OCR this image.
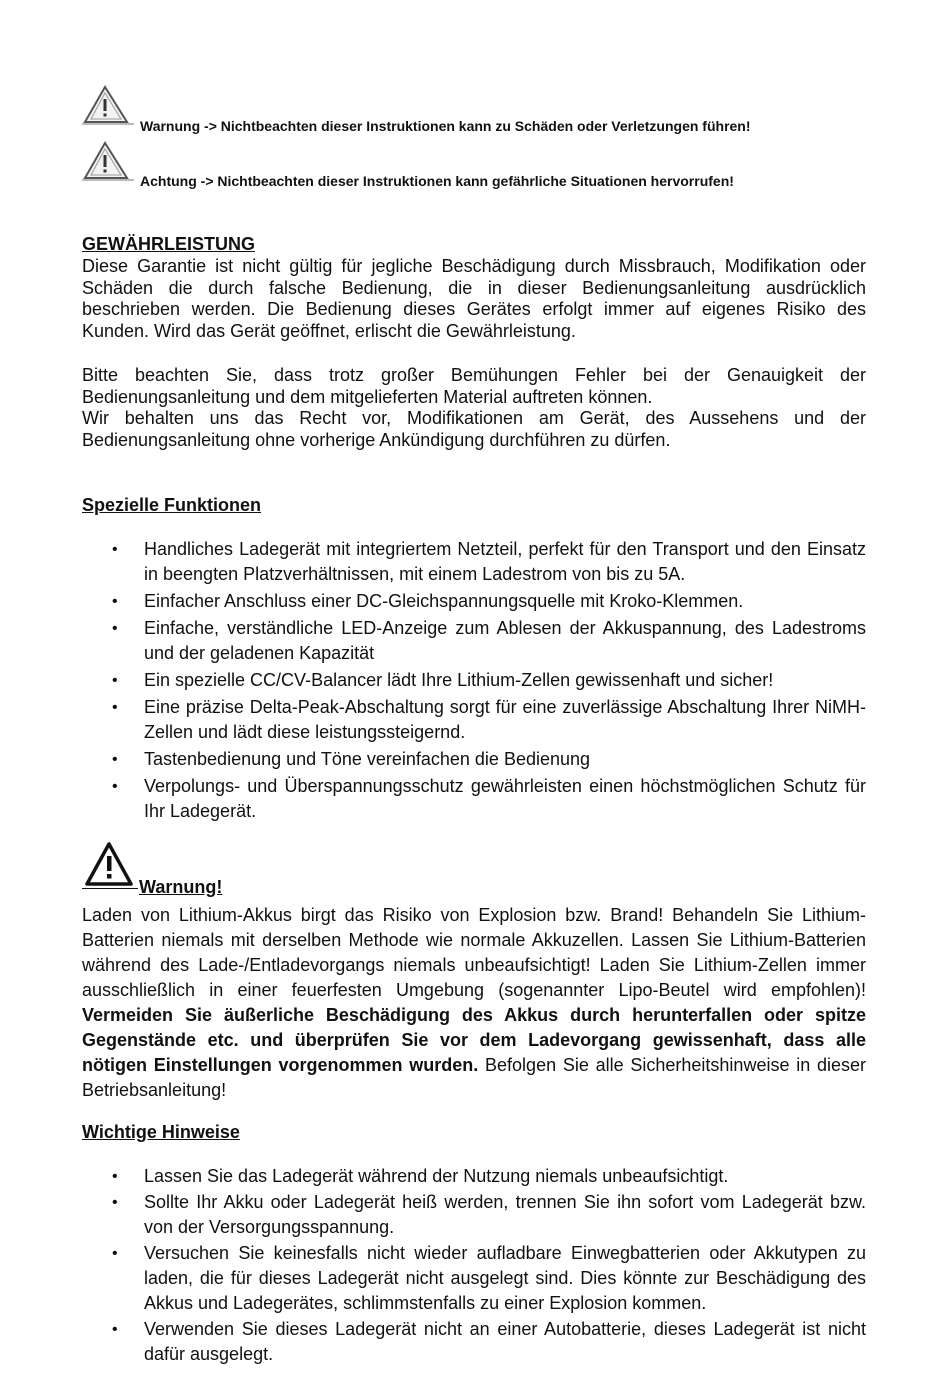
Warnung -> Nichtbeachten dieser Instruktionen kann zu Schäden oder Verletzungen führen!
Achtung -> Nichtbeachten dieser Instruktionen kann gefährliche Situationen hervorrufen!
GEWÄHRLEISTUNG

Diese Garantie ist nicht gültig für jegliche Beschädigung durch Missbrauch, Modifikation oder Schäden die durch falsche Bedienung, die in dieser Bedienungsanleitung ausdrücklich beschrieben werden. Die Bedienung dieses Gerätes erfolgt immer auf eigenes Risiko des Kunden. Wird das Gerät geöffnet, erlischt die Gewährleistung.

Bitte beachten Sie, dass trotz großer Bemühungen Fehler bei der Genauigkeit der Bedienungsanleitung und dem mitgelieferten Material auftreten können.

Wir behalten uns das Recht vor, Modifikationen am Gerät, des Aussehens und der Bedienungsanleitung ohne vorherige Ankündigung durchführen zu dürfen.

Spezielle Funktionen
• Handliches Ladegerät mit integriertem Netzteil, perfekt für den Transport und den Einsatz in beengten Platzverhältnissen, mit einem Ladestrom von bis zu 5A.
• Einfacher Anschluss einer DC-Gleichspannungsquelle mit Kroko-Klemmen.
• Einfache, verständliche LED-Anzeige zum Ablesen der Akkuspannung, des Ladestroms und der geladenen Kapazität
• Ein spezielle CC/CV-Balancer lädt Ihre Lithium-Zellen gewissenhaft und sicher!
• Eine präzise Delta-Peak-Abschaltung sorgt für eine zuverlässige Abschaltung Ihrer NiMH-Zellen und lädt diese leistungssteigernd.
• Tastenbedienung und Töne vereinfachen die Bedienung
• Verpolungs- und Überspannungsschutz gewährleisten einen höchstmöglichen Schutz für Ihr Ladegerät.
Warnung!

Laden von Lithium-Akkus birgt das Risiko von Explosion bzw. Brand! Behandeln Sie Lithium-Batterien niemals mit derselben Methode wie normale Akkuzellen. Lassen Sie Lithium-Batterien während des Lade-/Entladevorgangs niemals unbeaufsichtigt! Laden Sie Lithium-Zellen immer ausschließlich in einer feuerfesten Umgebung (sogenannter Lipo-Beutel wird empfohlen)! Vermeiden Sie äußerliche Beschädigung des Akkus durch herunterfallen oder spitze Gegenstände etc. und überprüfen Sie vor dem Ladevorgang gewissenhaft, dass alle nötigen Einstellungen vorgenommen wurden. Befolgen Sie alle Sicherheitshinweise in dieser Betriebsanleitung!

Wichtige Hinweise
• Lassen Sie das Ladegerät während der Nutzung niemals unbeaufsichtigt.
• Sollte Ihr Akku oder Ladegerät heiß werden, trennen Sie ihn sofort vom Ladegerät bzw. von der Versorgungsspannung.
• Versuchen Sie keinesfalls nicht wieder aufladbare Einwegbatterien oder Akkutypen zu laden, die für dieses Ladegerät nicht ausgelegt sind. Dies könnte zur Beschädigung des Akkus und Ladegerätes, schlimmstenfalls zu einer Explosion kommen.
• Verwenden Sie dieses Ladegerät nicht an einer Autobatterie, dieses Ladegerät ist nicht dafür ausgelegt.
